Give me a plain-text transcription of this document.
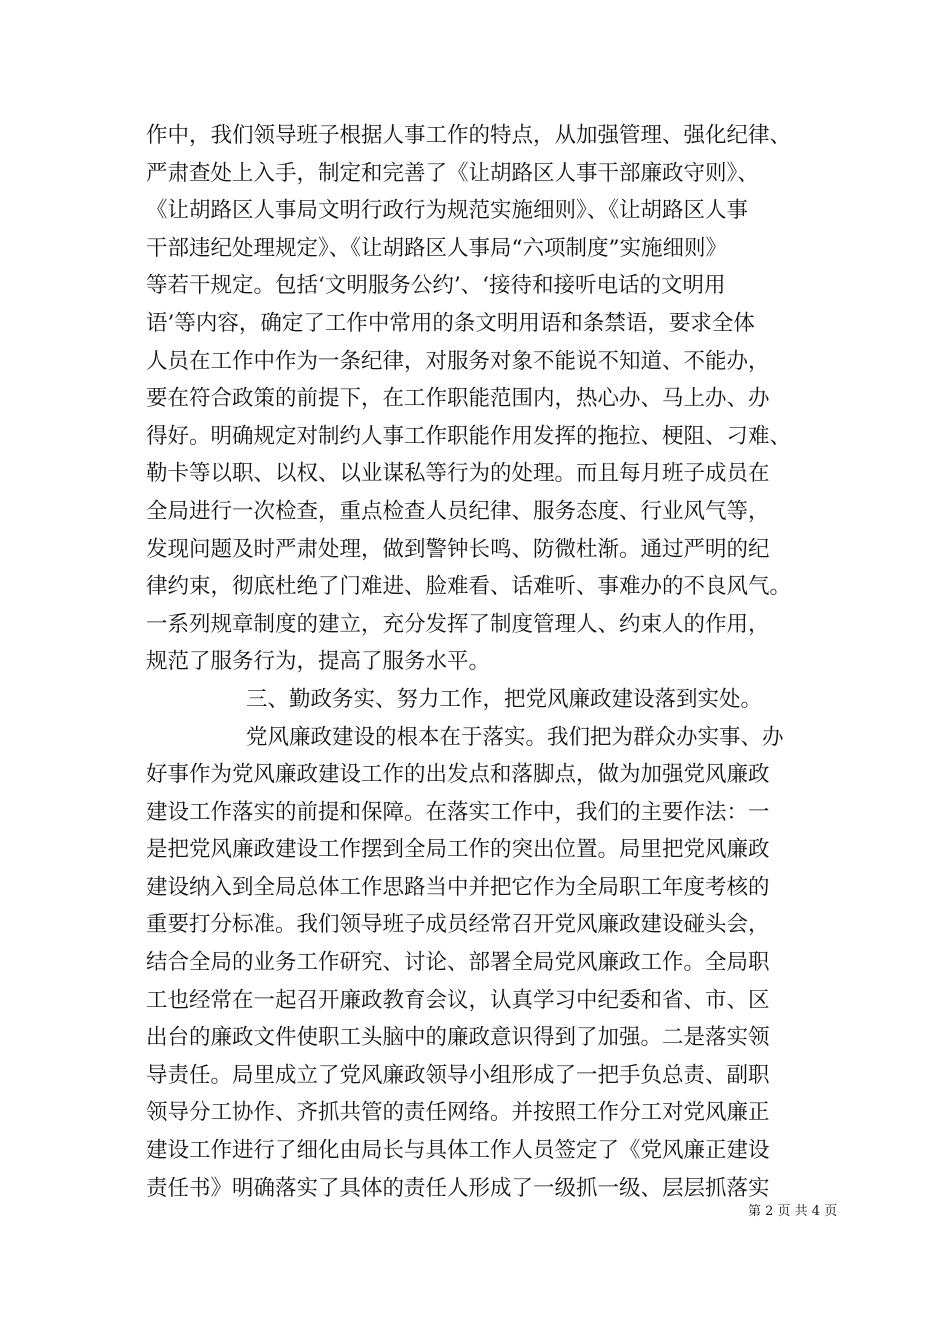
作中，我们领导班子根据人事工作的特点，从加强管理、强化纪律、
严肃查处上入手，制定和完善了《让胡路区人事干部廉政守则》、
《让胡路区人事局文明行政行为规范实施细则》、《让胡路区人事
干部违纪处理规定》、《让胡路区人事局“六项制度”实施细则》
等若干规定。包括‘文明服务公约’、‘接待和接听电话的文明用
语’等内容，确定了工作中常用的条文明用语和条禁语，要求全体
人员在工作中作为一条纪律，对服务对象不能说不知道、不能办，
要在符合政策的前提下，在工作职能范围内，热心办、马上办、办
得好。明确规定对制约人事工作职能作用发挥的拖拉、梗阻、刁难、
勒卡等以职、以权、以业谋私等行为的处理。而且每月班子成员在
全局进行一次检查，重点检查人员纪律、服务态度、行业风气等，
发现问题及时严肃处理，做到警钟长鸣、防微杜渐。通过严明的纪
律约束，彻底杜绝了门难进、脸难看、话难听、事难办的不良风气。
一系列规章制度的建立，充分发挥了制度管理人、约束人的作用，
规范了服务行为，提高了服务水平。
三、勤政务实、努力工作，把党风廉政建设落到实处。
党风廉政建设的根本在于落实。我们把为群众办实事、办
好事作为党风廉政建设工作的出发点和落脚点，做为加强党风廉政
建设工作落实的前提和保障。在落实工作中，我们的主要作法：一
是把党风廉政建设工作摆到全局工作的突出位置。局里把党风廉政
建设纳入到全局总体工作思路当中并把它作为全局职工年度考核的
重要打分标准。我们领导班子成员经常召开党风廉政建设碰头会，
结合全局的业务工作研究、讨论、部署全局党风廉政工作。全局职
工也经常在一起召开廉政教育会议，认真学习中纪委和省、市、区
出台的廉政文件使职工头脑中的廉政意识得到了加强。二是落实领
导责任。局里成立了党风廉政领导小组形成了一把手负总责、副职
领导分工协作、齐抓共管的责任网络。并按照工作分工对党风廉正
建设工作进行了细化由局长与具体工作人员签定了《党风廉正建设
责任书》明确落实了具体的责任人形成了一级抓一级、层层抓落实
第 2 页 共 4 页
